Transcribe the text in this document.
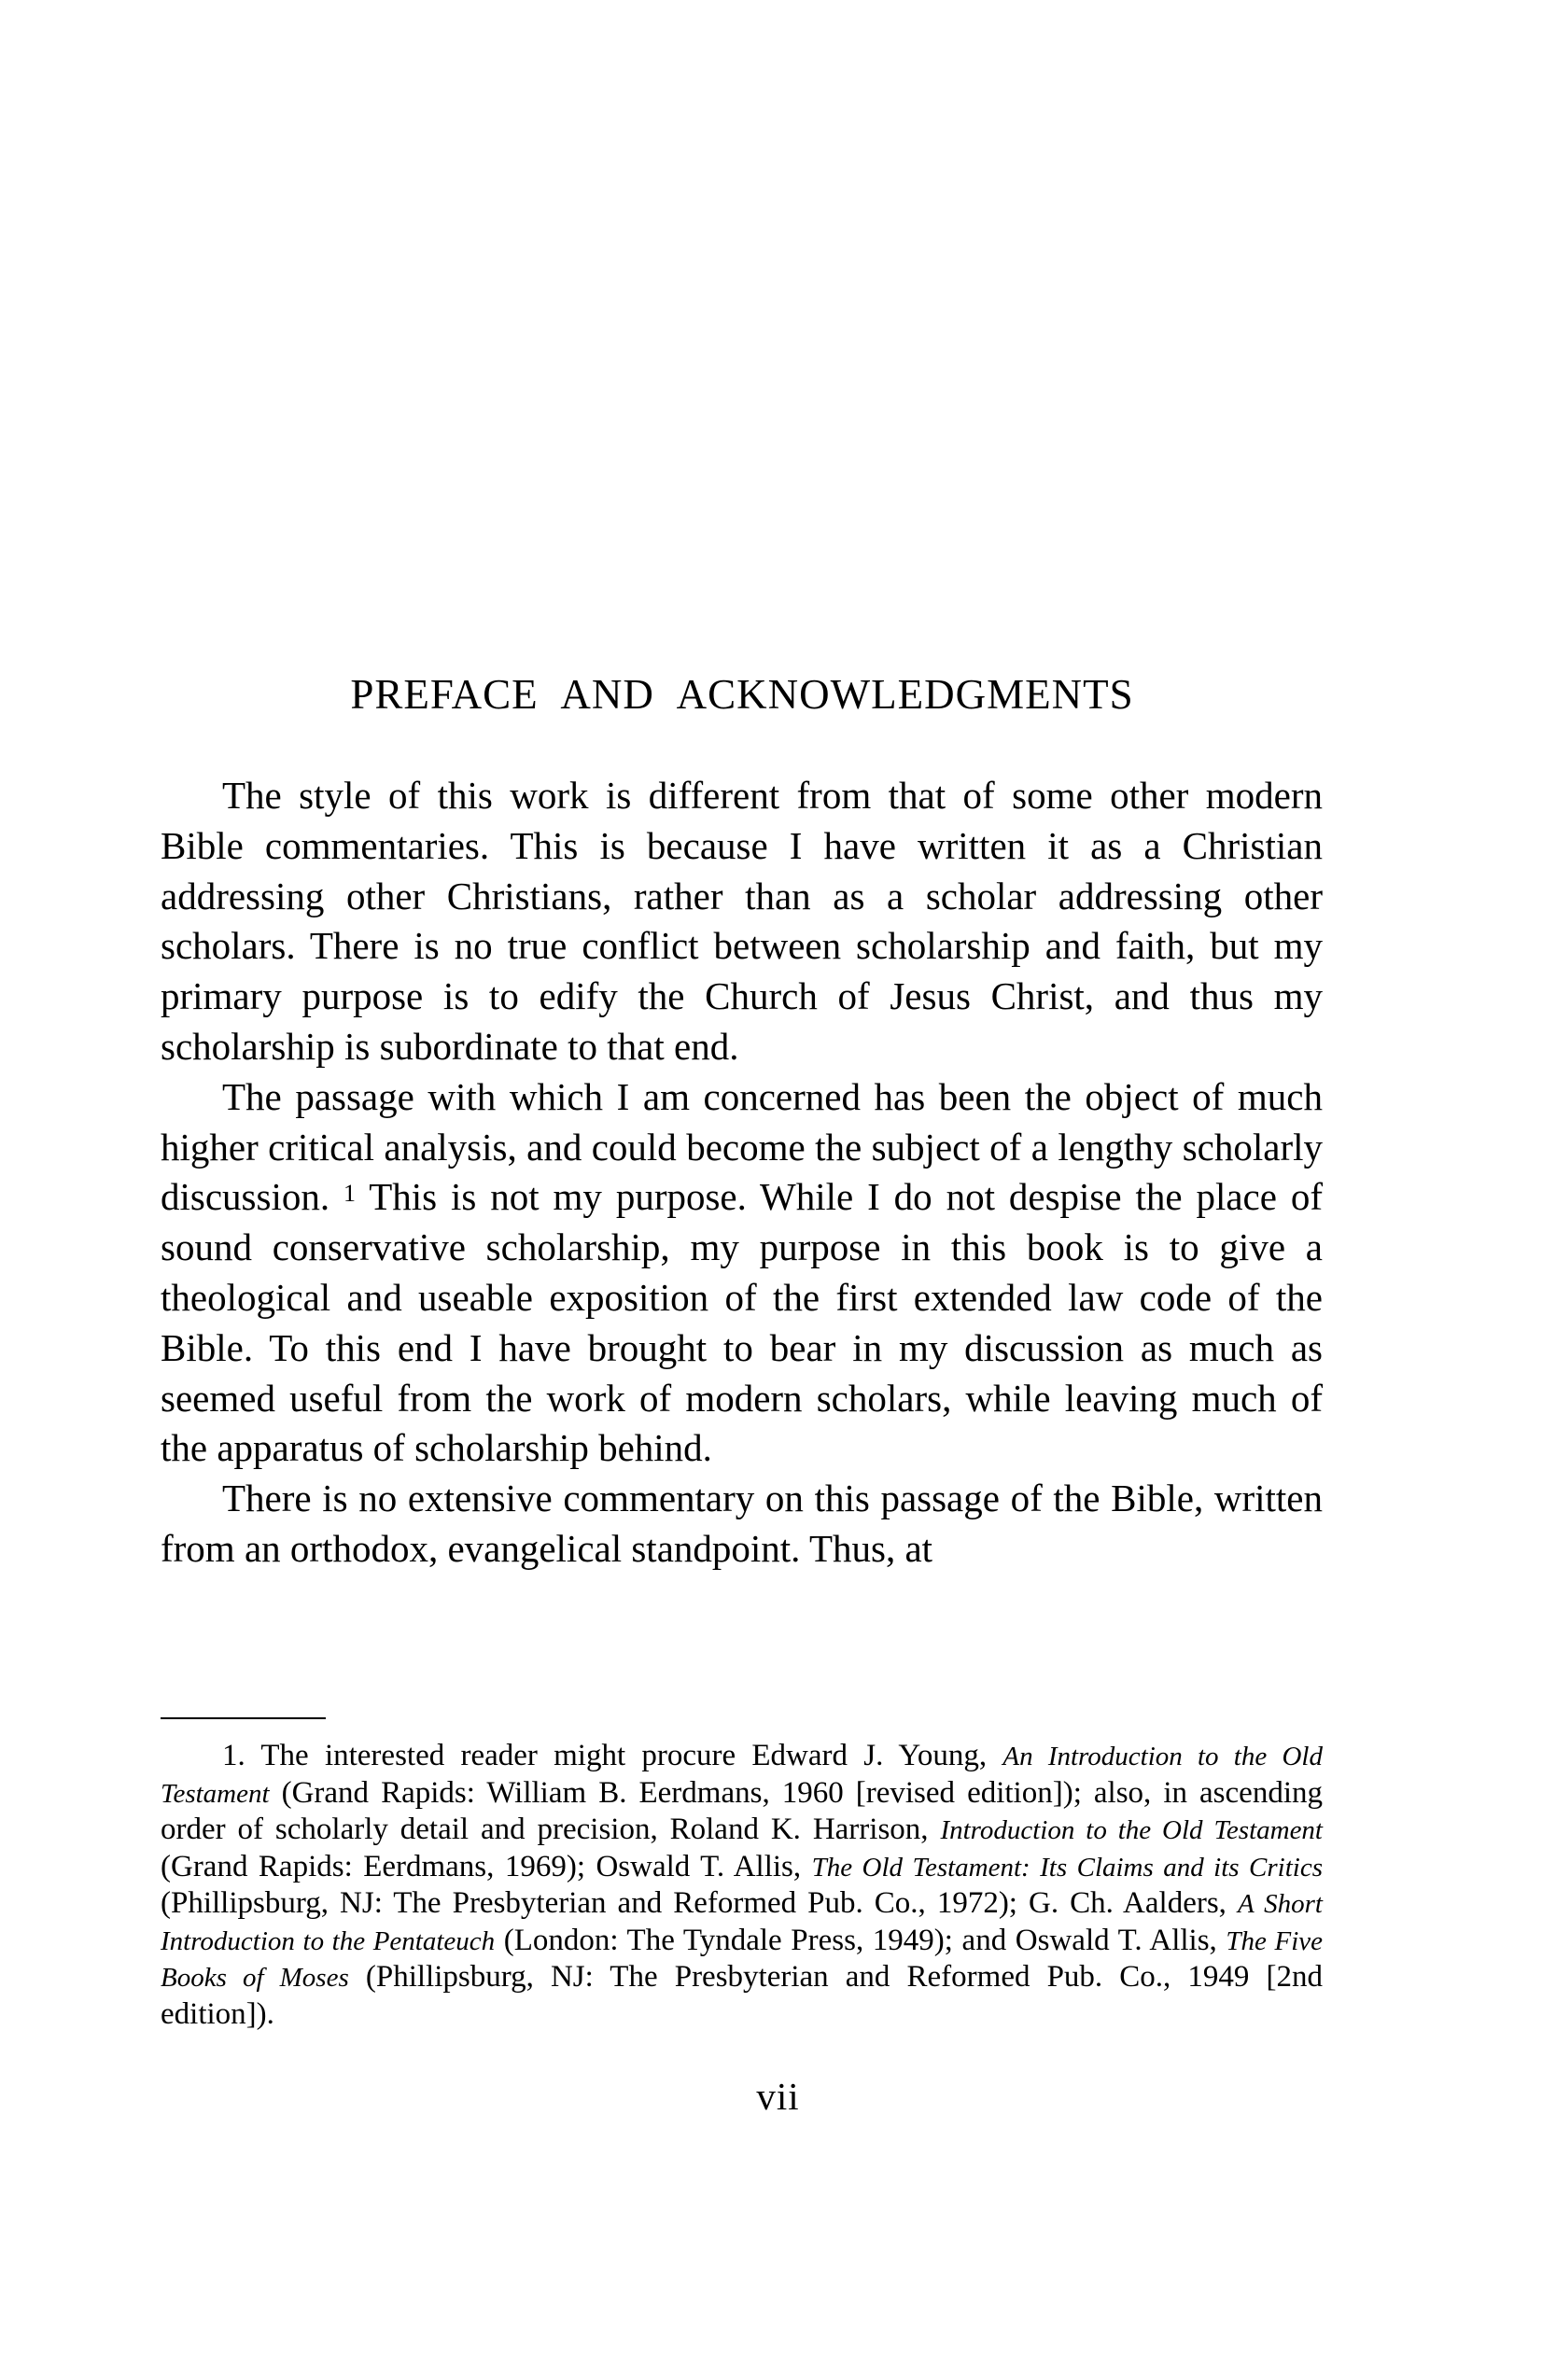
PREFACE AND ACKNOWLEDGMENTS

The style of this work is different from that of some other modern Bible commentaries. This is because I have written it as a Christian addressing other Christians, rather than as a scholar addressing other scholars. There is no true conflict between scholarship and faith, but my primary purpose is to edify the Church of Jesus Christ, and thus my scholarship is subordinate to that end.

The passage with which I am concerned has been the object of much higher critical analysis, and could become the subject of a lengthy scholarly discussion. $^1$ This is not my purpose. While I do not despise the place of sound conservative scholarship, my purpose in this book is to give a theological and useable exposition of the first extended law code of the Bible. To this end I have brought to bear in my discussion as much as seemed useful from the work of modern scholars, while leaving much of the apparatus of scholarship behind.

There is no extensive commentary on this passage of the Bible, written from an orthodox, evangelical standpoint. Thus, at

1. The interested reader might procure Edward J. Young, An Introduction to the Old Testament (Grand Rapids: William B. Eerdmans, 1960 [revised edition]); also, in ascending order of scholarly detail and precision, Roland K. Harrison, Introduction to the Old Testament (Grand Rapids: Eerdmans, 1969); Oswald T. Allis, The Old Testament: Its Claims and its Critics (Phillipsburg, NJ: The Presbyterian and Reformed Pub. Co., 1972); G. Ch. Aalders, A Short Introduction to the Pentateuch (London: The Tyndale Press, 1949); and Oswald T. Allis, The Five Books of Moses (Phillipsburg, NJ: The Presbyterian and Reformed Pub. Co., 1949 [2nd edition]).

vii
